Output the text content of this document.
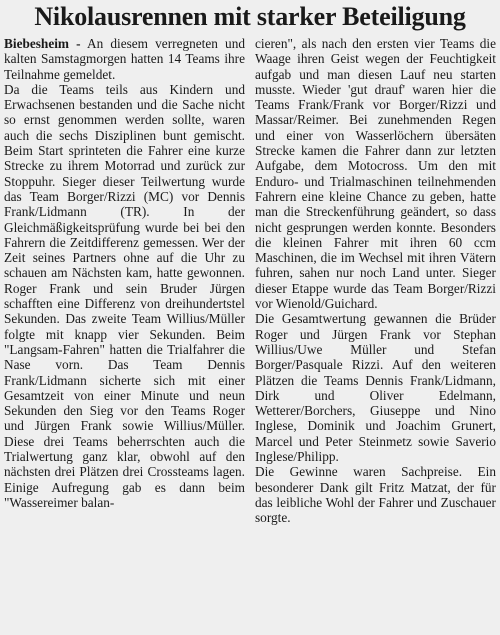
Nikolausrennen mit starker Beteiligung

Biebesheim - An diesem verregneten und kalten Samstagmorgen hatten 14 Teams ihre Teilnahme gemeldet.

Da die Teams teils aus Kindern und Erwachsenen bestanden und die Sache nicht so ernst genommen werden sollte, waren auch die sechs Disziplinen bunt gemischt. Beim Start sprinteten die Fahrer eine kurze Strecke zu ihrem Motorrad und zurück zur Stoppuhr. Sieger dieser Teilwertung wurde das Team Borger/Rizzi (MC) vor Dennis Frank/Lidmann (TR). In der Gleichmäßigkeitsprüfung wurde bei bei den Fahrern die Zeitdifferenz gemessen. Wer der Zeit seines Partners ohne auf die Uhr zu schauen am Nächsten kam, hatte gewonnen. Roger Frank und sein Bruder Jürgen schafften eine Differenz von dreihundertstel Sekunden. Das zweite Team Willius/Müller folgte mit knapp vier Sekunden. Beim "Langsam-Fahren" hatten die Trialfahrer die Nase vorn. Das Team Dennis Frank/Lidmann sicherte sich mit einer Gesamtzeit von einer Minute und neun Sekunden den Sieg vor den Teams Roger und Jürgen Frank sowie Willius/Müller. Diese drei Teams beherrschten auch die Trialwertung ganz klar, obwohl auf den nächsten drei Plätzen drei Crossteams lagen. Einige Aufregung gab es dann beim "Wassereimer balan-

cieren", als nach den ersten vier Teams die Waage ihren Geist wegen der Feuchtigkeit aufgab und man diesen Lauf neu starten musste. Wieder 'gut drauf' waren hier die Teams Frank/Frank vor Borger/Rizzi und Massar/Reimer. Bei zunehmenden Regen und einer von Wasserlöchern übersäten Strecke kamen die Fahrer dann zur letzten Aufgabe, dem Motocross. Um den mit Enduro- und Trialmaschinen teilnehmenden Fahrern eine kleine Chance zu geben, hatte man die Streckenführung geändert, so dass nicht gesprungen werden konnte. Besonders die kleinen Fahrer mit ihren 60 ccm Maschinen, die im Wechsel mit ihren Vätern fuhren, sahen nur noch Land unter. Sieger dieser Etappe wurde das Team Borger/Rizzi vor Wienold/Guichard.

Die Gesamtwertung gewannen die Brüder Roger und Jürgen Frank vor Stephan Willius/Uwe Müller und Stefan Borger/Pasquale Rizzi. Auf den weiteren Plätzen die Teams Dennis Frank/Lidmann, Dirk und Oliver Edelmann, Wetterer/Borchers, Giuseppe und Nino Inglese, Dominik und Joachim Grunert, Marcel und Peter Steinmetz sowie Saverio Inglese/Philipp.

Die Gewinne waren Sachpreise. Ein besonderer Dank gilt Fritz Matzat, der für das leibliche Wohl der Fahrer und Zuschauer sorgte.
